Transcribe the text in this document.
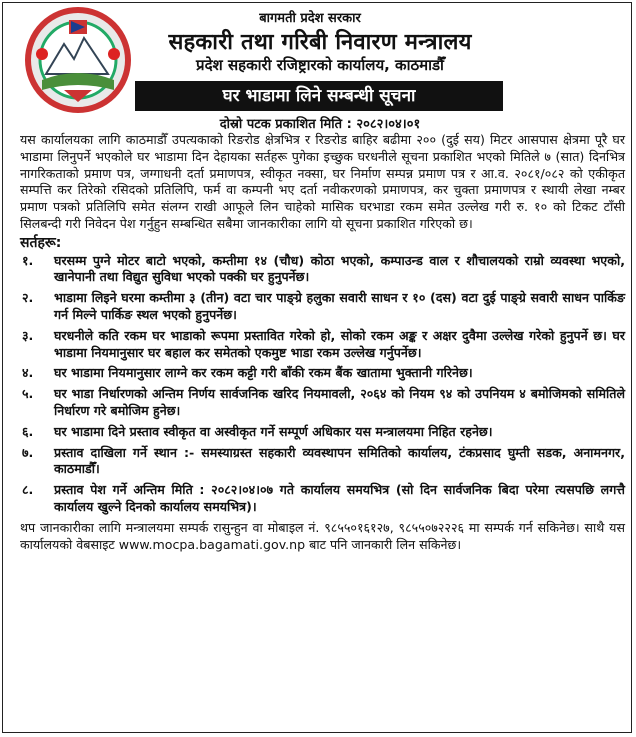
बागमती प्रदेश सरकार
सहकारी तथा गरिबी निवारण मन्त्रालय
प्रदेश सहकारी रजिष्ट्रारको कार्यालय, काठमाडौँ
घर भाडामा लिने सम्बन्धी सूचना
दोस्रो पटक प्रकाशित मिति : २०८२।०४।०१

यस कार्यालयका लागि काठमाडौँ उपत्यकाको रिङरोड क्षेत्रभित्र र रिङरोड बाहिर बढीमा २०० (दुई सय) मिटर आसपास क्षेत्रमा पूरै घर भाडामा लिनुपर्ने भएकोले घर भाडामा दिन देहायका सर्तहरू पुगेका इच्छुक घरधनीले सूचना प्रकाशित भएको मितिले ७ (सात) दिनभित्र नागरिकताको प्रमाण पत्र, जग्गाधनी दर्ता प्रमाणपत्र, स्वीकृत नक्सा, घर निर्माण सम्पन्न प्रमाण पत्र र आ.व. २०८१/०८२ को एकीकृत सम्पत्ति कर तिरेको रसिदको प्रतिलिपि, फर्म वा कम्पनी भए दर्ता नवीकरणको प्रमाणपत्र, कर चुक्ता प्रमाणपत्र र स्थायी लेखा नम्बर प्रमाण पत्रको प्रतिलिपि समेत संलग्न राखी आफूले लिन चाहेको मासिक घरभाडा रकम समेत उल्लेख गरी रु. १० को टिकट टाँसी सिलबन्दी गरी निवेदन पेश गर्नुहुन सम्बन्धित सबैमा जानकारीका लागि यो सूचना प्रकाशित गरिएको छ।

सर्तहरू:
१. घरसम्म पुग्ने मोटर बाटो भएको, कम्तीमा १४ (चौध) कोठा भएको, कम्पाउन्ड वाल र शौचालयको राम्रो व्यवस्था भएको, खानेपानी तथा विद्युत सुविधा भएको पक्की घर हुनुपर्नेछ।
२. भाडामा लिइने घरमा कम्तीमा ३ (तीन) वटा चार पाङ्ग्रे हलुका सवारी साधन र १० (दस) वटा दुई पाङ्ग्रे सवारी साधन पार्किङ गर्न मिल्ने पार्किङ स्थल भएको हुनुपर्नेछ।
३. घरधनीले कति रकम घर भाडाको रूपमा प्रस्तावित गरेको हो, सोको रकम अङ्क र अक्षर दुवैमा उल्लेख गरेको हुनुपर्ने छ। घर भाडामा नियमानुसार घर बहाल कर समेतको एकमुष्ट भाडा रकम उल्लेख गर्नुपर्नेछ।
४. घर भाडामा नियमानुसार लाग्ने कर रकम कट्टी गरी बाँकी रकम बैंक खातामा भुक्तानी गरिनेछ।
५. घर भाडा निर्धारणको अन्तिम निर्णय सार्वजनिक खरिद नियमावली, २०६४ को नियम ९४ को उपनियम ४ बमोजिमको समितिले निर्धारण गरे बमोजिम हुनेछ।
६. घर भाडामा दिने प्रस्ताव स्वीकृत वा अस्वीकृत गर्ने सम्पूर्ण अधिकार यस मन्त्रालयमा निहित रहनेछ।
७. प्रस्ताव दाखिला गर्ने स्थान :- समस्याग्रस्त सहकारी व्यवस्थापन समितिको कार्यालय, टंकप्रसाद घुम्ती सडक, अनामनगर, काठमाडौँ।
८. प्रस्ताव पेश गर्ने अन्तिम मिति : २०८२।०४।०७ गते कार्यालय समयभित्र (सो दिन सार्वजनिक बिदा परेमा त्यसपछि लगत्तै कार्यालय खुल्ने दिनको कार्यालय समयभित्र)।

थप जानकारीका लागि मन्त्रालयमा सम्पर्क रासुन्हुन वा मोबाइल नं. ९८५५०१६१२७, ९८५५०७२२२६ मा सम्पर्क गर्न सकिनेछ। साथै यस कार्यालयको वेबसाइट www.mocpa.bagamati.gov.np बाट पनि जानकारी लिन सकिनेछ।
